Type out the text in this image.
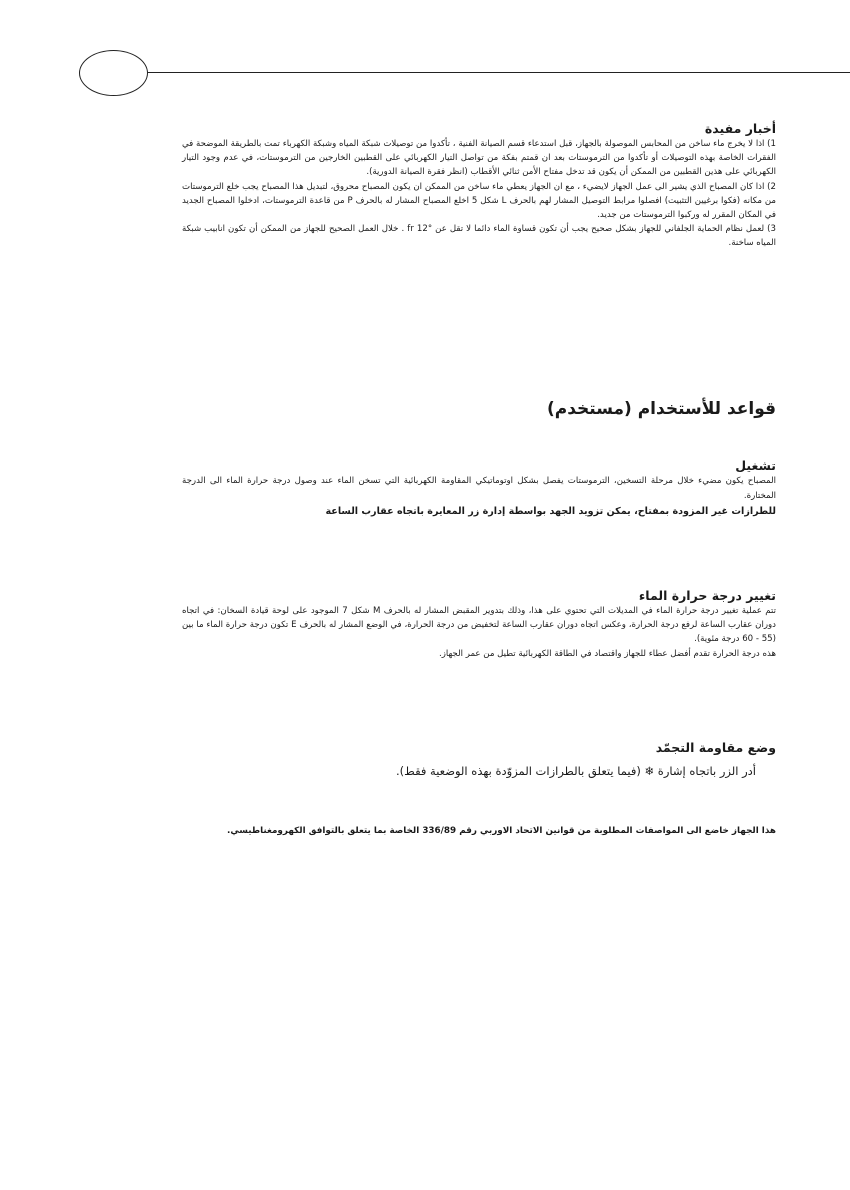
أخبار مفيدة

1) اذا لا يخرج ماء ساخن من المحابس الموصولة بالجهاز، قبل استدعاء قسم الصيانة الفنية ، تأكدوا من توصيلات شبكة المياه وشبكة الكهرباء تمت بالطريقة الموضحة في الفقرات الخاصة بهذه التوصيلات أو تأكدوا من الترموستات بعد ان قمتم بفكة من تواصل التيار الكهربائي على القطبين الخارجين من الترموستات، في عدم وجود التيار الكهربائي على هذين القطبين من الممكن أن يكون قد تدخل مفتاح الأمن ثنائي الأقطاب (انظر فقرة الصيانة الدورية).

2) اذا كان المصباح الذي يشير الى عمل الجهاز لايضيء ، مع ان الجهاز يعطي ماء ساخن من الممكن ان يكون المصباح محروق، لتبديل هذا المصباح يجب خلع الترموستات من مكانه (فكوا برغيين التثبيت) افصلوا مرابط التوصيل المشار لهم بالحرف L شكل 5 اخلع المصباح المشار له بالحرف P من قاعدة الترموستات، ادخلوا المصباح الجديد في المكان المقرر له وركبوا الترموستات من جديد.

3) لعمل نظام الحماية الجلفاني للجهاز بشكل صحيح يجب أن تكون قساوة الماء دائما لا تقل عن fr 12° . خلال العمل الصحيح للجهاز من الممكن أن تكون انابيب شبكة المياه ساخنة.

قواعد للأستخدام (مستخدم)
تشغيل

المصباح يكون مضيء خلال مرحلة التسخين، الترموستات يفصل بشكل اوتوماتيكي المقاومة الكهربائية التي تسخن الماء عند وصول درجة حرارة الماء الى الدرجة المختارة.

للطرازات غير المزودة بمفتاح، يمكن تزويد الجهد بواسطة إدارة زر المعايرة باتجاه عقارب الساعة

تغيير درجة حرارة الماء

تتم عملية تغيير درجة حرارة الماء في المديلات التي تحتوي على هذا، وذلك بتدوير المقبض المشار له بالحرف M شكل 7 الموجود على لوحة قيادة السخان: في اتجاه دوران عقارب الساعة لرفع درجة الحرارة، وعكس اتجاه دوران عقارب الساعة لتخفيض من درجة الحرارة، في الوضع المشار له بالحرف E تكون درجة حرارة الماء ما بين (55 - 60 درجة مئوية).

هذه درجة الحرارة تقدم أفضل عطاء للجهاز واقتصاد في الطاقة الكهربائية تطيل من عمر الجهاز.

وضع مقاومة التجمّد

أدر الزر باتجاه إشارة ❄ (فيما يتعلق بالطرازات المزوّدة بهذه الوضعية فقط).

هذا الجهاز خاضع الى المواصفات المطلوبة من قوانين الاتحاد الاوربي رقم 336/89 الخاصة بما يتعلق بالتوافق الكهرومغناطيسي.
